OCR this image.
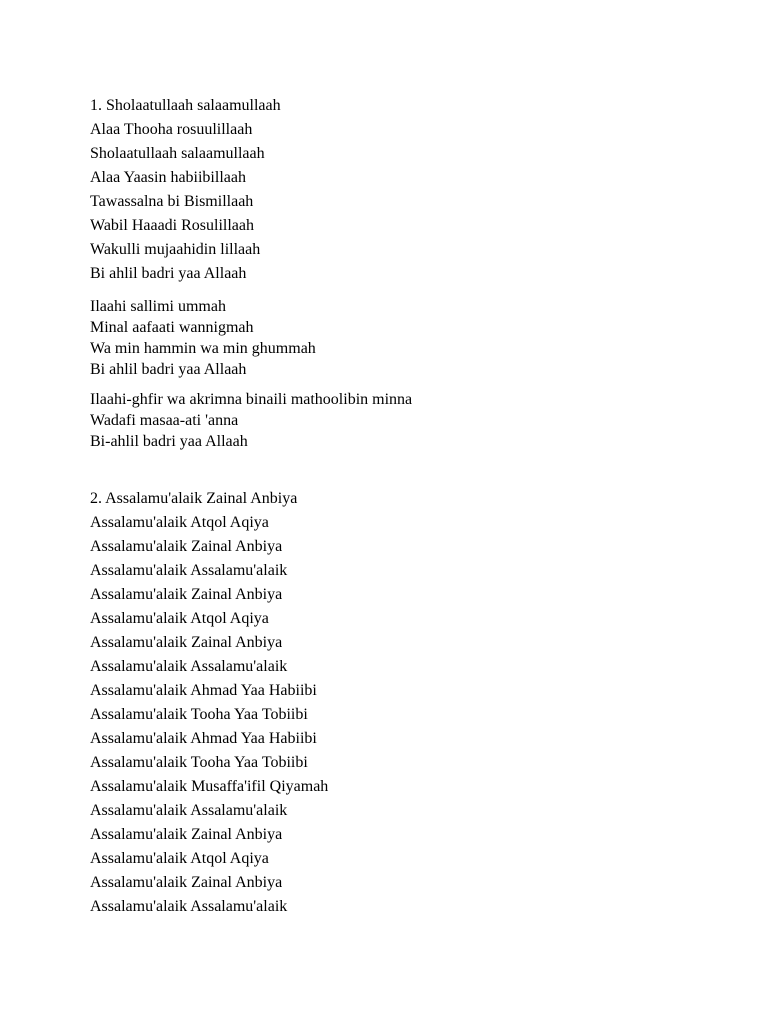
1. Sholaatullaah salaamullaah
Alaa Thooha rosuulillaah
Sholaatullaah salaamullaah
Alaa Yaasin habiibillaah
Tawassalna bi Bismillaah
Wabil Haaadi Rosulillaah
Wakulli mujaahidin lillaah
Bi ahlil badri yaa Allaah
Ilaahi sallimi ummah
Minal aafaati wannigmah
Wa min hammin wa min ghummah
Bi ahlil badri yaa Allaah
Ilaahi-ghfir wa akrimna binaili mathoolibin minna
Wadafi masaa-ati 'anna
Bi-ahlil badri yaa Allaah
2. Assalamu'alaik Zainal Anbiya
Assalamu'alaik Atqol Aqiya
Assalamu'alaik Zainal Anbiya
Assalamu'alaik Assalamu'alaik
Assalamu'alaik Zainal Anbiya
Assalamu'alaik Atqol Aqiya
Assalamu'alaik Zainal Anbiya
Assalamu'alaik Assalamu'alaik
Assalamu'alaik Ahmad Yaa Habiibi
Assalamu'alaik Tooha Yaa Tobiibi
Assalamu'alaik Ahmad Yaa Habiibi
Assalamu'alaik Tooha Yaa Tobiibi
Assalamu'alaik Musaffa'ifil Qiyamah
Assalamu'alaik Assalamu'alaik
Assalamu'alaik Zainal Anbiya
Assalamu'alaik Atqol Aqiya
Assalamu'alaik Zainal Anbiya
Assalamu'alaik Assalamu'alaik
